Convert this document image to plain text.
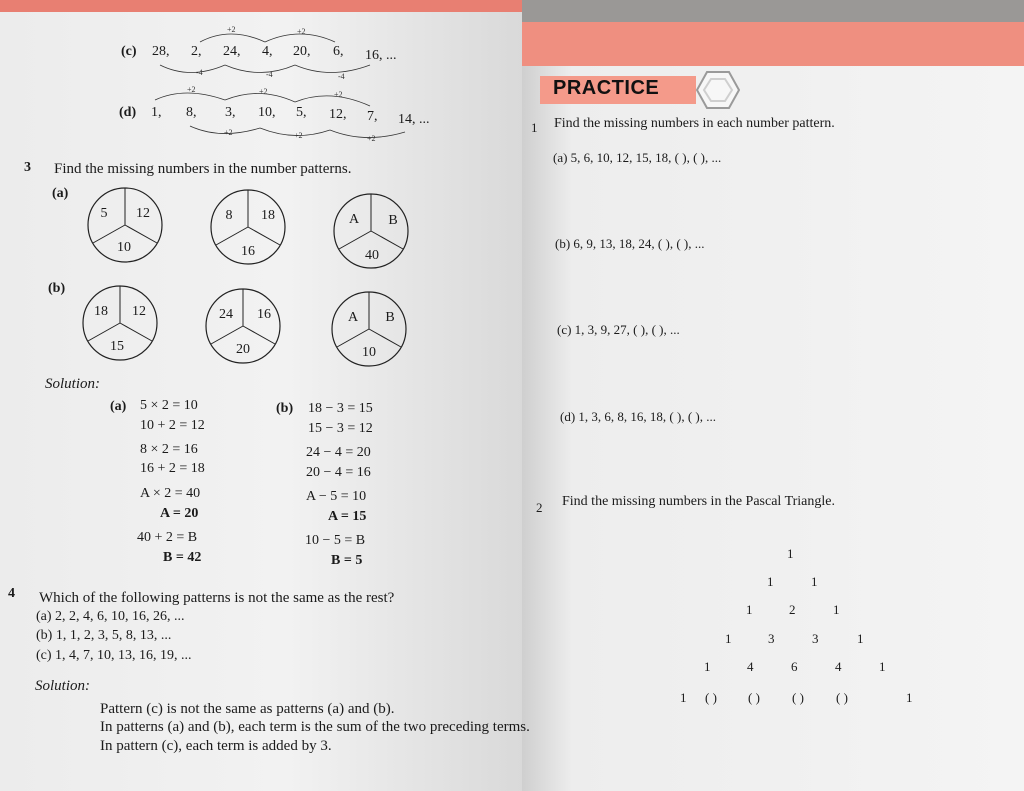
(c) 28, 2, 24, 4, 20, 6, 16, ...
+2	+2
-4	-4	-4
(d) 1, 8, 3, 10, 5, 12, 7, 14, ...
+2	+2	+2
+2	+2	+2
3 Find the missing numbers in the number patterns.
(a)
5	12
10
8	18
16
A	B
40
(b)
18	12
15
24	16
20
A	B
10
Solution:
(a) 5 × 2 = 10
10 + 2 = 12
8 × 2 = 16
16 + 2 = 18
A × 2 = 40
A = 20
40 + 2 = B
B = 42
(b) 18 − 3 = 15
15 − 3 = 12
24 − 4 = 20
20 − 4 = 16
A − 5 = 10
A = 15
10 − 5 = B
B = 5
4 Which of the following patterns is not the same as the rest?
(a) 2, 2, 4, 6, 10, 16, 26, ...
(b) 1, 1, 2, 3, 5, 8, 13, ...
(c) 1, 4, 7, 10, 13, 16, 19, ...
Solution:
Pattern (c) is not the same as patterns (a) and (b).
In patterns (a) and (b), each term is the sum of the two preceding terms.
In pattern (c), each term is added by 3.
PRACTICE
1 Find the missing numbers in each number pattern.
(a) 5, 6, 10, 12, 15, 18, ( ), ( ), ...
(b) 6, 9, 13, 18, 24, ( ), ( ), ...
(c) 1, 3, 9, 27, ( ), ( ), ...
(d) 1, 3, 6, 8, 16, 18, ( ), ( ), ...
2 Find the missing numbers in the Pascal Triangle.
1
1	1
1	2	1
1	3	3	1
1	4	6	4	1
1 ( ) ( ) ( ) ( )	1
